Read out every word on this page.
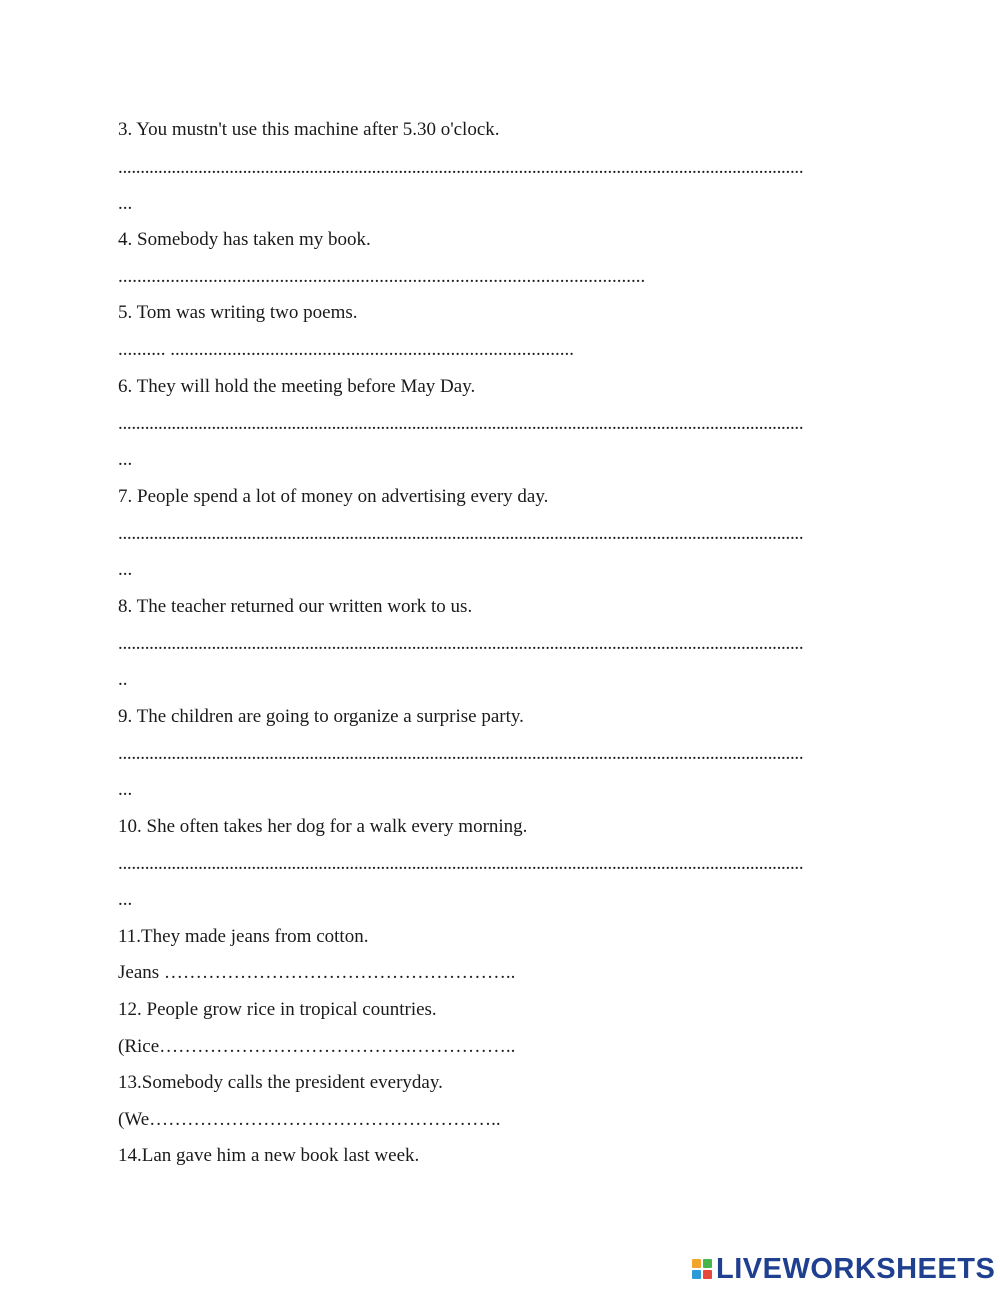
3. You mustn't use this machine after 5.30 o'clock.
..........................................................................................................................................................
...
4. Somebody has taken my book.
...............................................................................................................
5. Tom was writing two poems.
.......... .....................................................................................
6. They will hold the meeting before May Day.
..........................................................................................................................................................
...
7. People spend a lot of money on advertising every day.
..........................................................................................................................................................
...
8. The teacher returned our written work to us.
..........................................................................................................................................................
..
9. The children are going to organize a surprise party.
..........................................................................................................................................................
...
10. She often takes her dog for a walk every morning.
..........................................................................................................................................................
...
11.They made jeans from cotton.
Jeans ………………………………………………..
12. People grow rice in tropical countries.
(Rice………………………………….……………..
13.Somebody calls the president everyday.
(We………………………………………………..
14.Lan gave him a new book last week.
LIVEWORKSHEETS
